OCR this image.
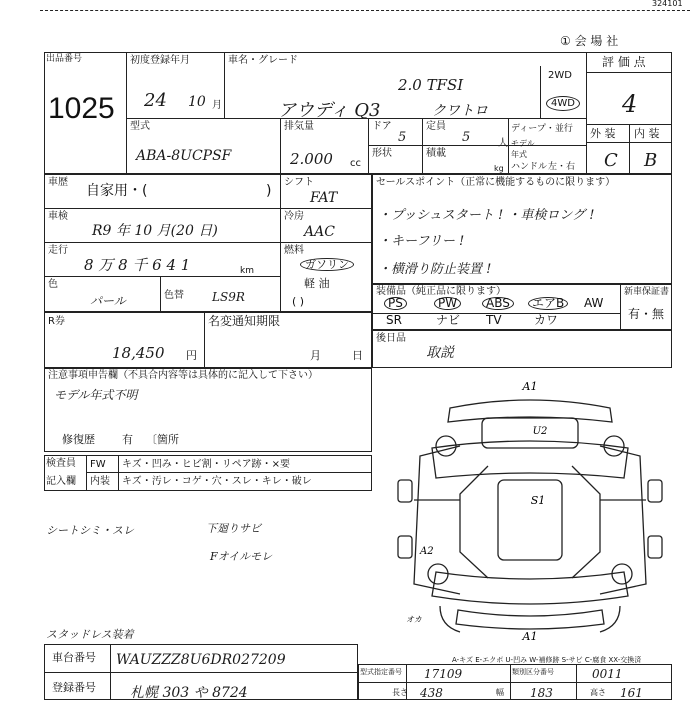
324101
① 会 場 社
出品番号
1025
初度登録年月
24 10 月
車名・グレード
2.0 TFSI
アウディ Q3	クワトロ
2WD
4WD
評 価 点
4
外 装 内 装
C B
型式
ABA-8UCPSF
排気量
2.000 cc
ドア
5
定員
5	人
ディープ・並行
形状	積載
kg
モデル年式
ハンドル 左・右
車歴
自家用・(	)
シフト
FAT
車検
R9 年 10 月(20 日)
冷房
AAC
走行
8 万 8 千 6 4 1	km
燃料
ガソリン
軽 油
( )
色
パール	色替 LS9R
セールスポイント（正常に機能するものに限ります）
・プッシュスタート ! ・車検ロング !
・キーフリー !
・横滑り防止装置 !
装備品（純正品に限ります）	新車保証書
有・無
PS	PW	ABS	エアB	AW
SR	ナビ TV	カワ
R券
18,450 円
名変通知期限
月	日
後日品
取説
注意事項申告欄（不具合内容等は具体的に記入して下さい）
モデル年式不明
修復歴 有 〔箇所
検査員 FW キズ・凹み・ヒビ割・リペア跡・×要
記入欄 内装 キズ・汚レ・コゲ・穴・スレ・キレ・破レ
シートシミ・スレ	下廻りサビ
Fオイルモレ
スタッドレス装着
A1
U2
S1
A2
A1
オカ
A-キズ E-エクボ U-凹み W-補修跡 S-サビ C-腐食 XX-交換済
車台番号 WAUZZZ8U6DR027209
登録番号 札幌 303 や 8724
型式指定番号 17109	類別区分番号	0011
長さ 438	幅 183	高さ 161
